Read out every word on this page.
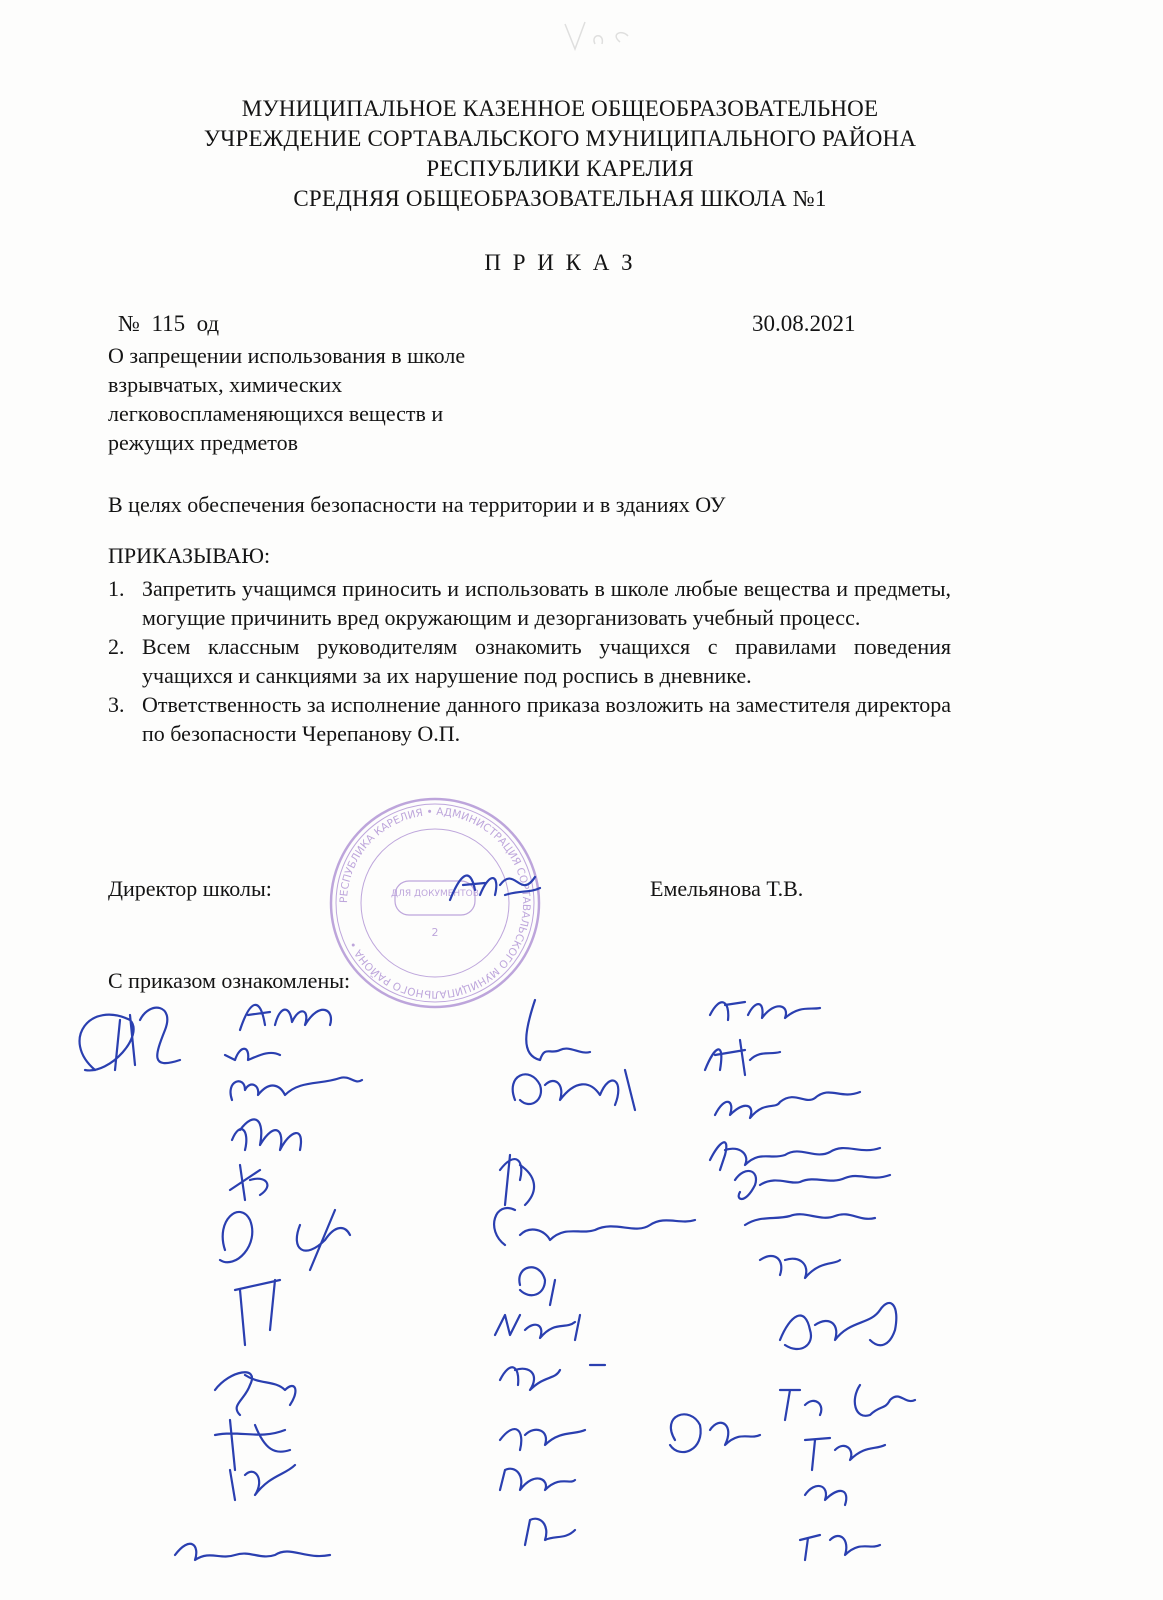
МУНИЦИПАЛЬНОЕ КАЗЕННОЕ ОБЩЕОБРАЗОВАТЕЛЬНОЕ
УЧРЕЖДЕНИЕ СОРТАВАЛЬСКОГО МУНИЦИПАЛЬНОГО РАЙОНА
РЕСПУБЛИКИ КАРЕЛИЯ
СРЕДНЯЯ ОБЩЕОБРАЗОВАТЕЛЬНАЯ ШКОЛА №1
П Р И К А З
№  115  од	30.08.2021
О запрещении использования в школе взрывчатых, химических легковоспламеняющихся веществ и режущих предметов
В целях обеспечения безопасности на территории и в зданиях ОУ
ПРИКАЗЫВАЮ:
1. Запретить учащимся приносить и использовать в школе любые вещества и предметы, могущие причинить вред окружающим и дезорганизовать учебный процесс.
2. Всем классным руководителям ознакомить учащихся с правилами поведения учащихся и санкциями за их нарушение под роспись в дневнике.
3. Ответственность за исполнение данного приказа возложить на заместителя директора по безопасности Черепанову О.П.
РЕСПУБЛИКА КАРЕЛИЯ • АДМИНИСТРАЦИЯ СОРТАВАЛЬСКОГО МУНИЦИПАЛЬНОГО РАЙОНА •
ДЛЯ ДОКУМЕНТОВ
2
Директор школы:	Емельянова Т.В.
С приказом ознакомлены:
